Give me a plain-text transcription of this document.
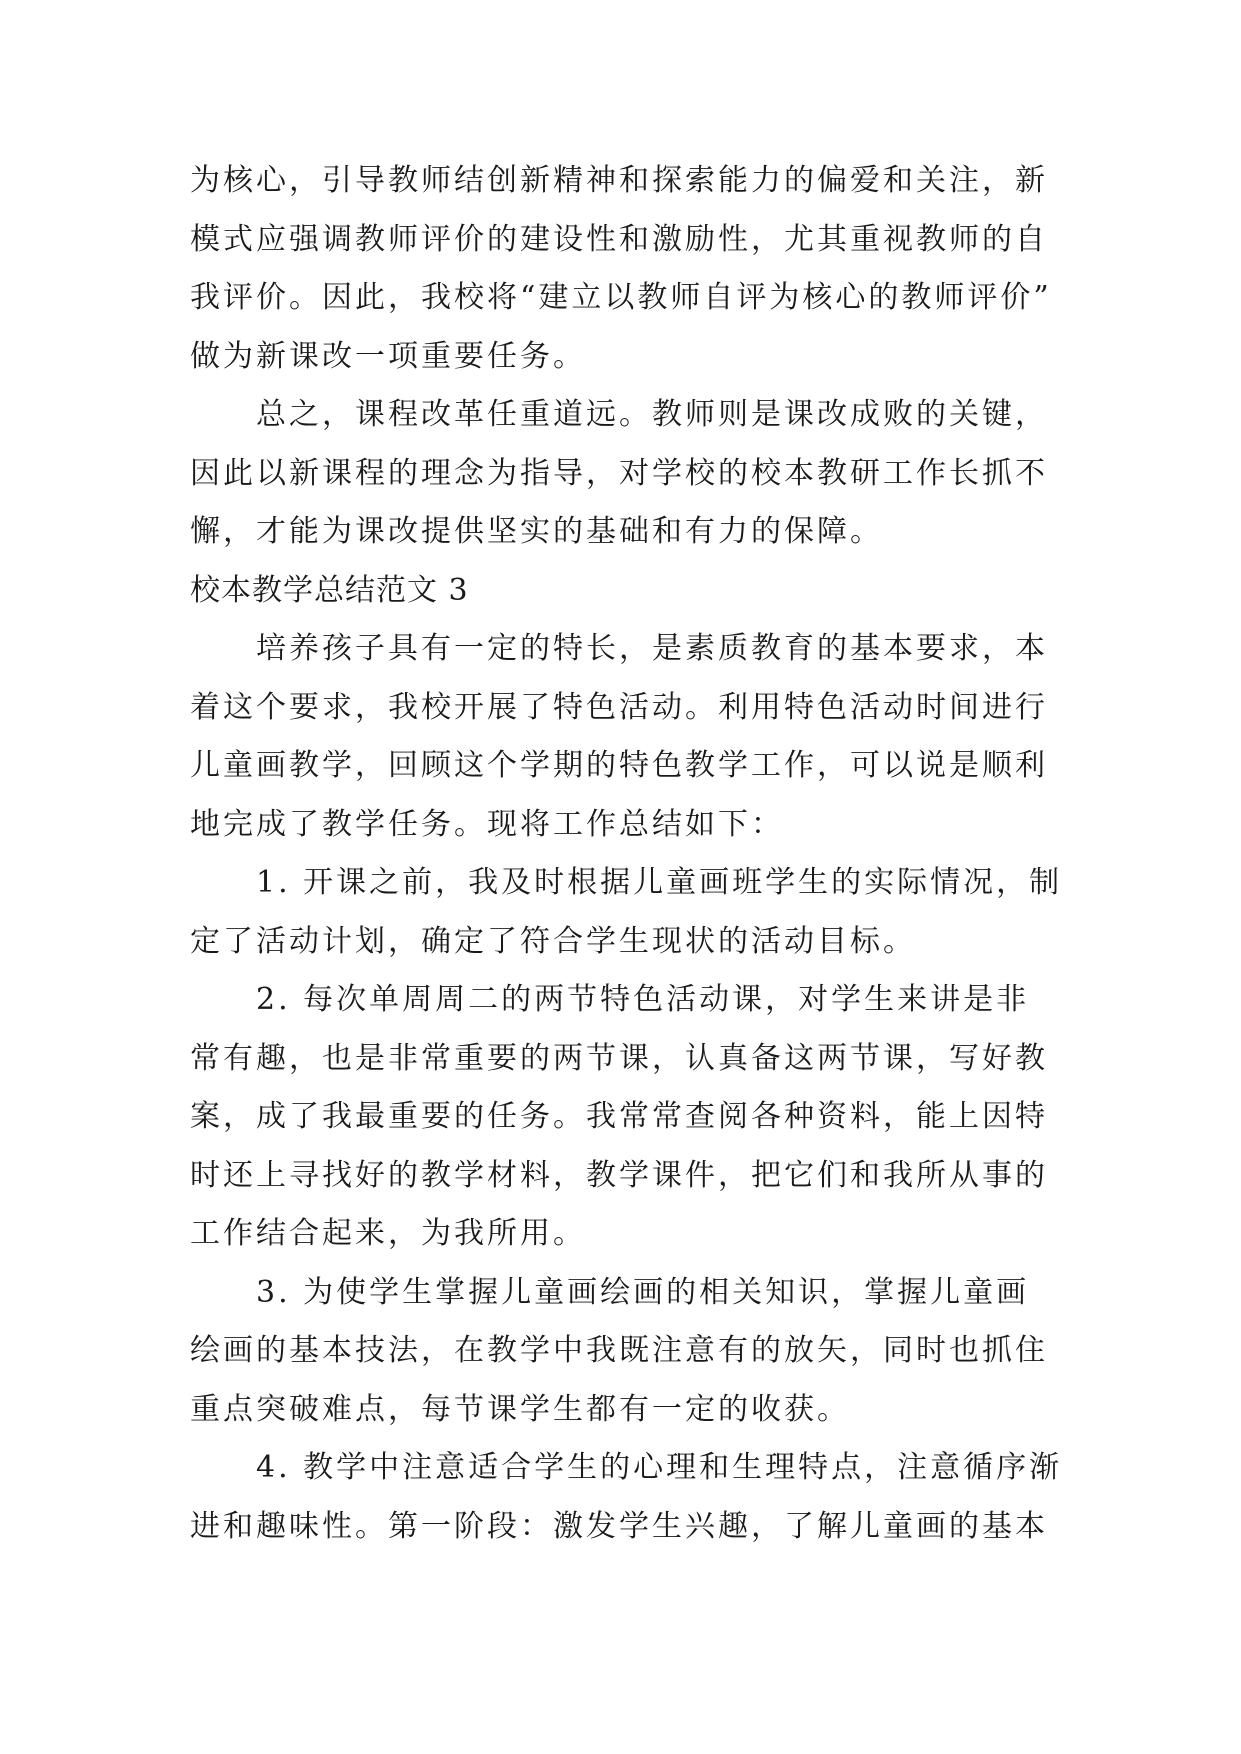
为核心，引导教师结创新精神和探索能力的偏爱和关注，新
模式应强调教师评价的建设性和激励性，尤其重视教师的自
我评价。因此，我校将“建立以教师自评为核心的教师评价”
做为新课改一项重要任务。
总之，课程改革任重道远。教师则是课改成败的关键，
因此以新课程的理念为指导，对学校的校本教研工作长抓不
懈，才能为课改提供坚实的基础和有力的保障。
校本教学总结范文 3
培养孩子具有一定的特长，是素质教育的基本要求，本
着这个要求，我校开展了特色活动。利用特色活动时间进行
儿童画教学，回顾这个学期的特色教学工作，可以说是顺利
地完成了教学任务。现将工作总结如下：
1. 开课之前，我及时根据儿童画班学生的实际情况，制
定了活动计划，确定了符合学生现状的活动目标。
2. 每次单周周二的两节特色活动课，对学生来讲是非
常有趣，也是非常重要的两节课，认真备这两节课，写好教
案，成了我最重要的任务。我常常查阅各种资料，能上因特
时还上寻找好的教学材料，教学课件，把它们和我所从事的
工作结合起来，为我所用。
3. 为使学生掌握儿童画绘画的相关知识，掌握儿童画
绘画的基本技法，在教学中我既注意有的放矢，同时也抓住
重点突破难点，每节课学生都有一定的收获。
4. 教学中注意适合学生的心理和生理特点，注意循序渐
进和趣味性。第一阶段：激发学生兴趣，了解儿童画的基本
